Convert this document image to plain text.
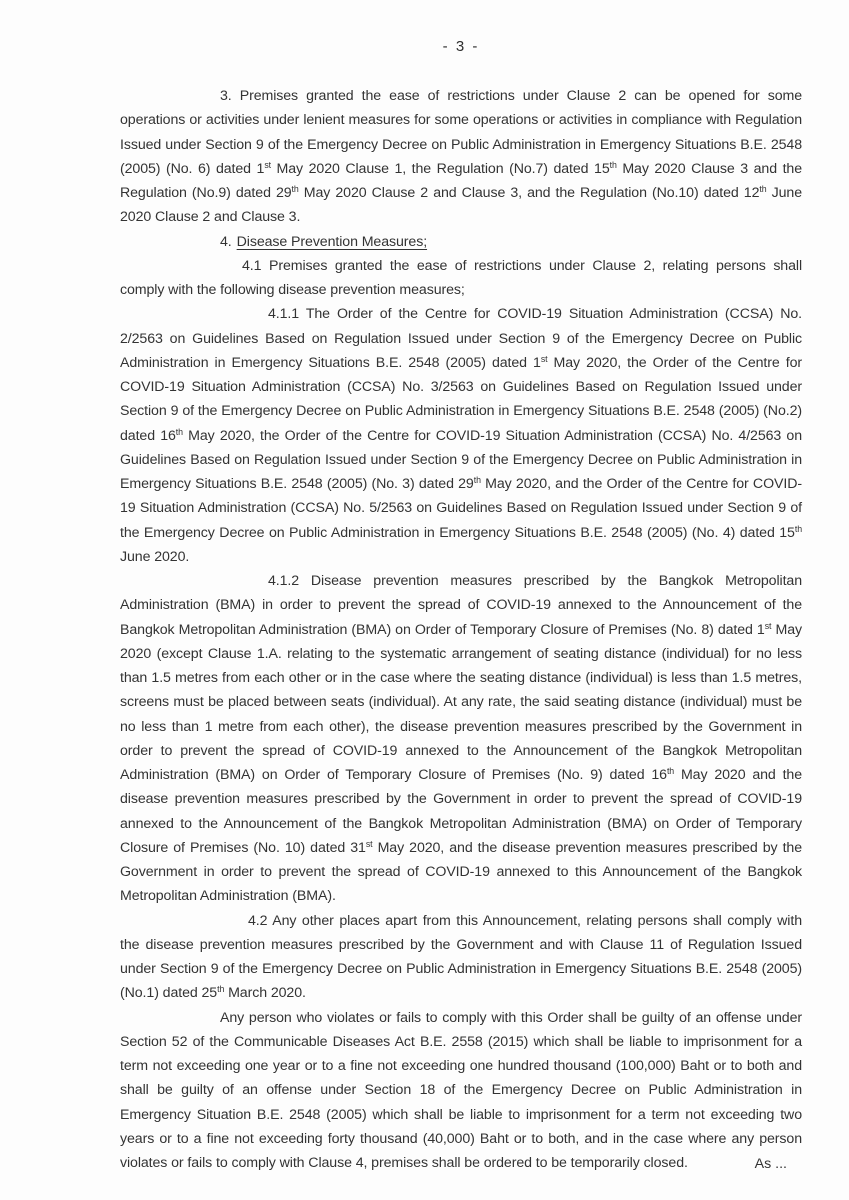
- 3 -

3. Premises granted the ease of restrictions under Clause 2 can be opened for some operations or activities under lenient measures for some operations or activities in compliance with Regulation Issued under Section 9 of the Emergency Decree on Public Administration in Emergency Situations B.E. 2548 (2005) (No. 6) dated 1st May 2020 Clause 1, the Regulation (No.7) dated 15th May 2020 Clause 3 and the Regulation (No.9) dated 29th May 2020 Clause 2 and Clause 3, and the Regulation (No.10) dated 12th June 2020 Clause 2 and Clause 3.

4. Disease Prevention Measures;

4.1 Premises granted the ease of restrictions under Clause 2, relating persons shall comply with the following disease prevention measures;

4.1.1 The Order of the Centre for COVID-19 Situation Administration (CCSA) No. 2/2563 on Guidelines Based on Regulation Issued under Section 9 of the Emergency Decree on Public Administration in Emergency Situations B.E. 2548 (2005) dated 1st May 2020, the Order of the Centre for COVID-19 Situation Administration (CCSA) No. 3/2563 on Guidelines Based on Regulation Issued under Section 9 of the Emergency Decree on Public Administration in Emergency Situations B.E. 2548 (2005) (No.2) dated 16th May 2020, the Order of the Centre for COVID-19 Situation Administration (CCSA) No. 4/2563 on Guidelines Based on Regulation Issued under Section 9 of the Emergency Decree on Public Administration in Emergency Situations B.E. 2548 (2005) (No. 3) dated 29th May 2020, and the Order of the Centre for COVID-19 Situation Administration (CCSA) No. 5/2563 on Guidelines Based on Regulation Issued under Section 9 of the Emergency Decree on Public Administration in Emergency Situations B.E. 2548 (2005) (No. 4) dated 15th June 2020.

4.1.2 Disease prevention measures prescribed by the Bangkok Metropolitan Administration (BMA) in order to prevent the spread of COVID-19 annexed to the Announcement of the Bangkok Metropolitan Administration (BMA) on Order of Temporary Closure of Premises (No. 8) dated 1st May 2020 (except Clause 1.A. relating to the systematic arrangement of seating distance (individual) for no less than 1.5 metres from each other or in the case where the seating distance (individual) is less than 1.5 metres, screens must be placed between seats (individual). At any rate, the said seating distance (individual) must be no less than 1 metre from each other), the disease prevention measures prescribed by the Government in order to prevent the spread of COVID-19 annexed to the Announcement of the Bangkok Metropolitan Administration (BMA) on Order of Temporary Closure of Premises (No. 9) dated 16th May 2020 and the disease prevention measures prescribed by the Government in order to prevent the spread of COVID-19 annexed to the Announcement of the Bangkok Metropolitan Administration (BMA) on Order of Temporary Closure of Premises (No. 10) dated 31st May 2020, and the disease prevention measures prescribed by the Government in order to prevent the spread of COVID-19 annexed to this Announcement of the Bangkok Metropolitan Administration (BMA).

4.2 Any other places apart from this Announcement, relating persons shall comply with the disease prevention measures prescribed by the Government and with Clause 11 of Regulation Issued under Section 9 of the Emergency Decree on Public Administration in Emergency Situations B.E. 2548 (2005) (No.1) dated 25th March 2020.

Any person who violates or fails to comply with this Order shall be guilty of an offense under Section 52 of the Communicable Diseases Act B.E. 2558 (2015) which shall be liable to imprisonment for a term not exceeding one year or to a fine not exceeding one hundred thousand (100,000) Baht or to both and shall be guilty of an offense under Section 18 of the Emergency Decree on Public Administration in Emergency Situation B.E. 2548 (2005) which shall be liable to imprisonment for a term not exceeding two years or to a fine not exceeding forty thousand (40,000) Baht or to both, and in the case where any person violates or fails to comply with Clause 4, premises shall be ordered to be temporarily closed.	As ...
